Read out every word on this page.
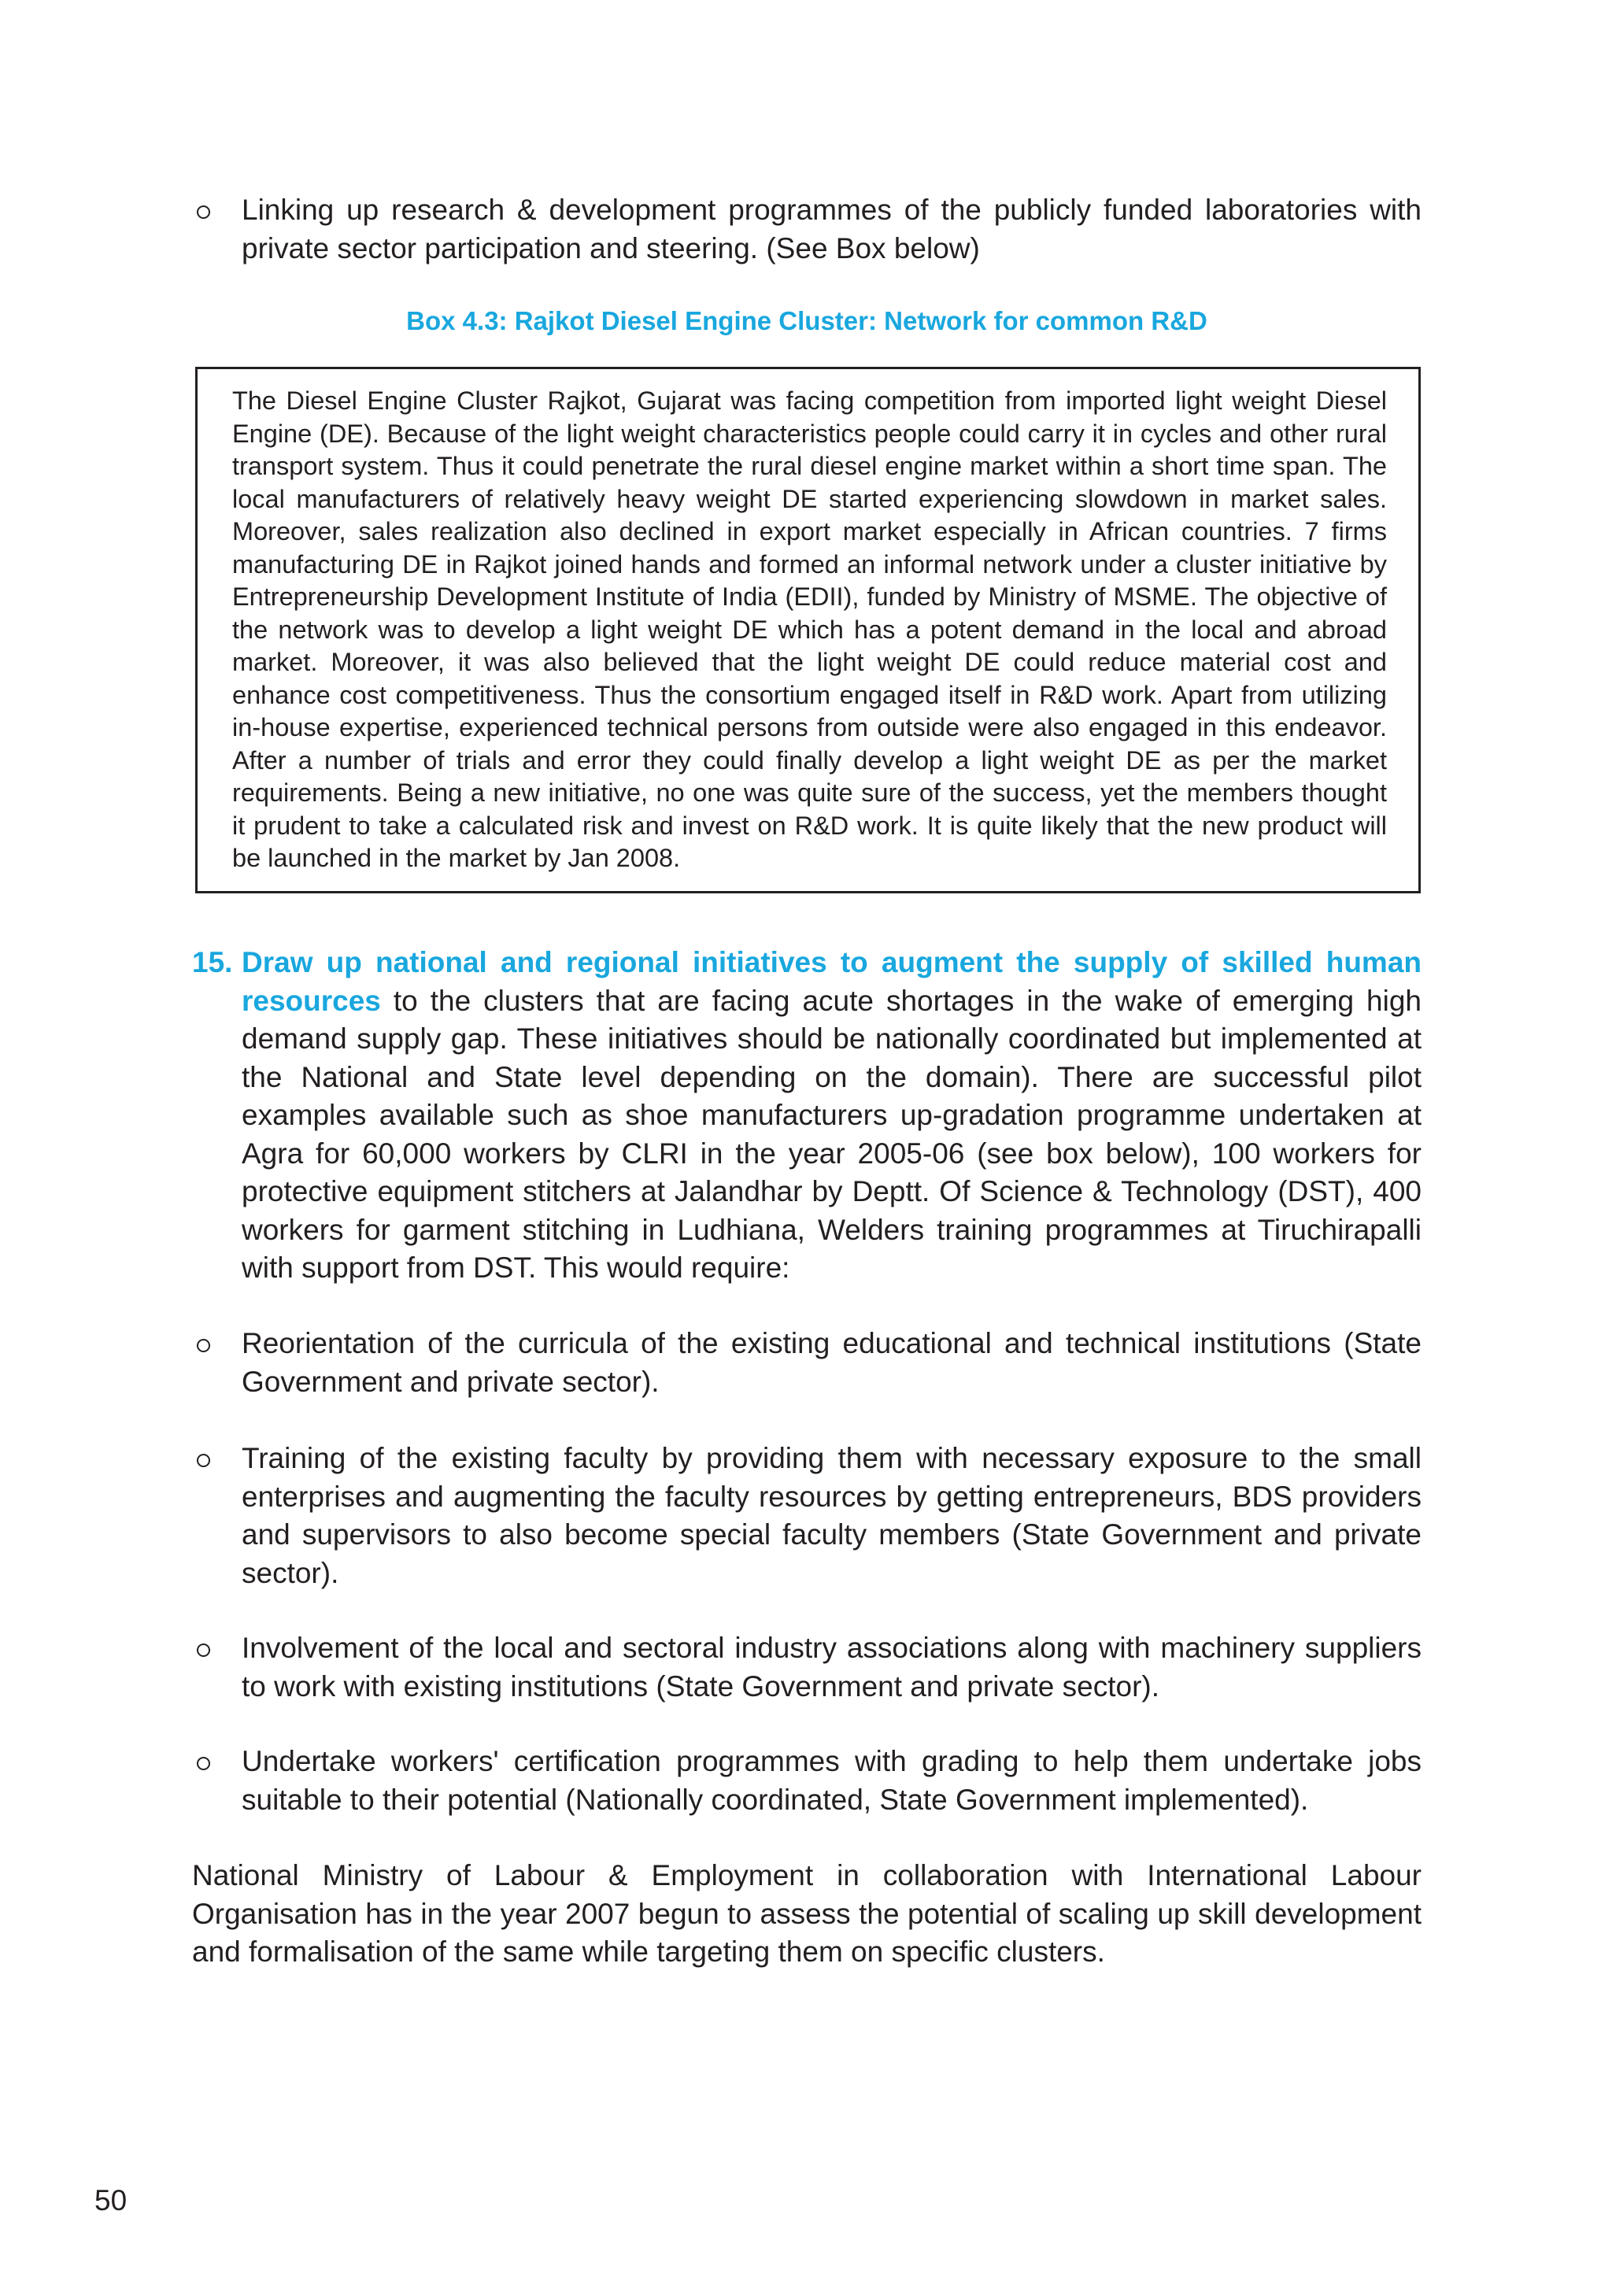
Linking up research & development programmes of the publicly funded laboratories with private sector participation and steering. (See Box below)
Box 4.3: Rajkot Diesel Engine Cluster: Network for common R&D
The Diesel Engine Cluster Rajkot, Gujarat was facing competition from imported light weight Diesel Engine (DE). Because of the light weight characteristics people could carry it in cycles and other rural transport system. Thus it could penetrate the rural diesel engine market within a short time span. The local manufacturers of relatively heavy weight DE started experiencing slowdown in market sales. Moreover, sales realization also declined in export market especially in African countries. 7 firms manufacturing DE in Rajkot joined hands and formed an informal network under a cluster initiative by Entrepreneurship Development Institute of India (EDII), funded by Ministry of MSME. The objective of the network was to develop a light weight DE which has a potent demand in the local and abroad market. Moreover, it was also believed that the light weight DE could reduce material cost and enhance cost competitiveness. Thus the consortium engaged itself in R&D work. Apart from utilizing in-house expertise, experienced technical persons from outside were also engaged in this endeavor. After a number of trials and error they could finally develop a light weight DE as per the market requirements. Being a new initiative, no one was quite sure of the success, yet the members thought it prudent to take a calculated risk and invest on R&D work. It is quite likely that the new product will be launched in the market by Jan 2008.
15. Draw up national and regional initiatives to augment the supply of skilled human resources to the clusters that are facing acute shortages in the wake of emerging high demand supply gap. These initiatives should be nationally coordinated but implemented at the National and State level depending on the domain). There are successful pilot examples available such as shoe manufacturers up-gradation programme undertaken at Agra for 60,000 workers by CLRI in the year 2005-06 (see box below), 100 workers for protective equipment stitchers at Jalandhar by Deptt. Of Science & Technology (DST), 400 workers for garment stitching in Ludhiana, Welders training programmes at Tiruchirapalli with support from DST. This would require:
Reorientation of the curricula of the existing educational and technical institutions (State Government and private sector).
Training of the existing faculty by providing them with necessary exposure to the small enterprises and augmenting the faculty resources by getting entrepreneurs, BDS providers and supervisors to also become special faculty members (State Government and private sector).
Involvement of the local and sectoral industry associations along with machinery suppliers to work with existing institutions (State Government and private sector).
Undertake workers' certification programmes with grading to help them undertake jobs suitable to their potential (Nationally coordinated, State Government implemented).
National Ministry of Labour & Employment in collaboration with International Labour Organisation has in the year 2007 begun to assess the potential of scaling up skill development and formalisation of the same while targeting them on specific clusters.
50
